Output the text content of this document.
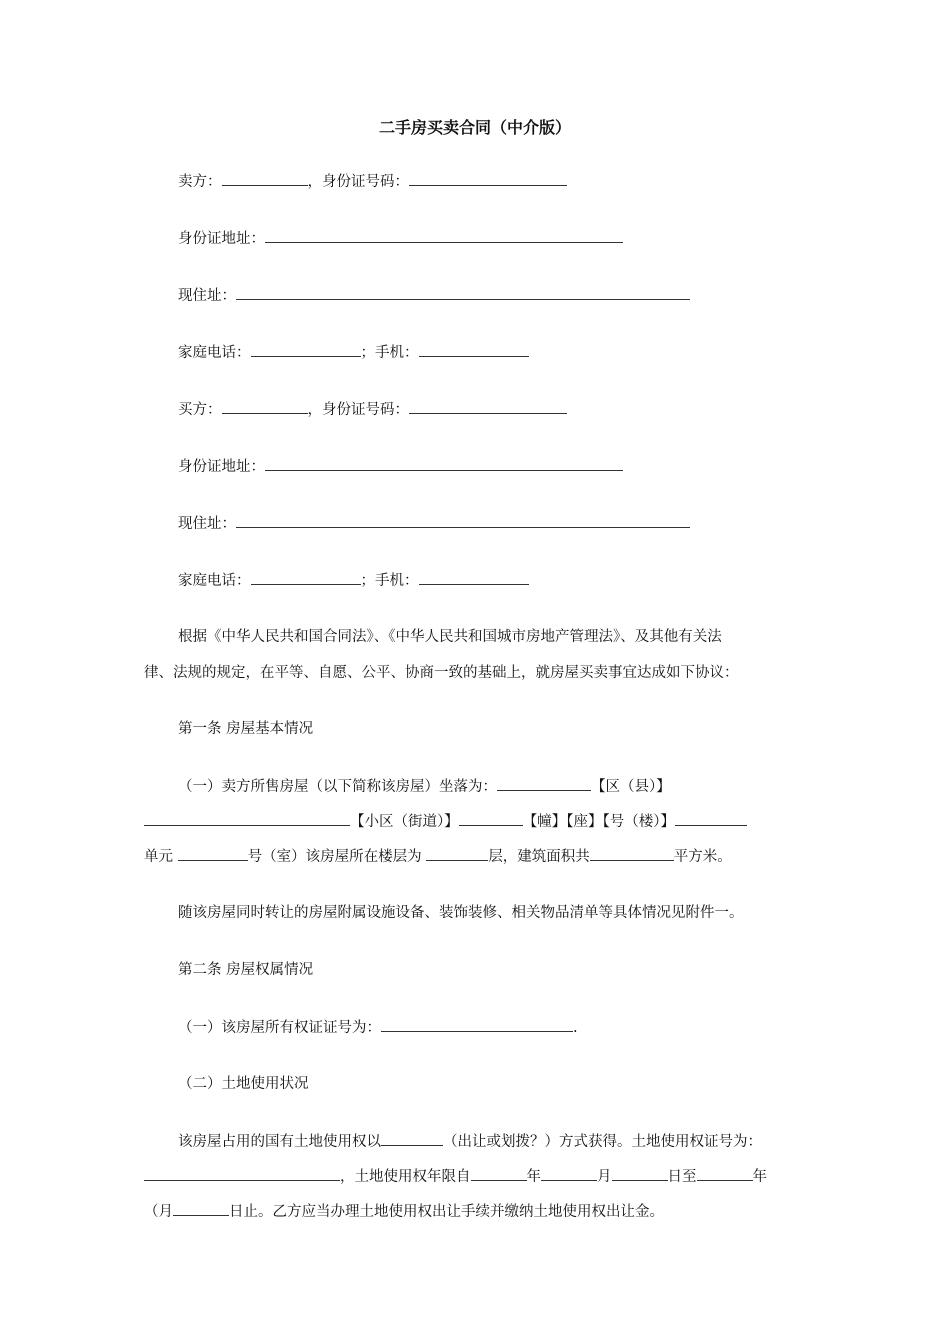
二手房买卖合同（中介版）
卖方：	，身份证号码：
身份证地址：
现住址：
家庭电话：	；手机：
买方：	，身份证号码：
身份证地址：
现住址：
家庭电话：	；手机：
根据《中华人民共和国合同法》、《中华人民共和国城市房地产管理法》、及其他有关法
律、法规的规定，在平等、自愿、公平、协商一致的基础上，就房屋买卖事宜达成如下协议：
第一条 房屋基本情况
（一）卖方所售房屋（以下简称该房屋）坐落为：	【区（县）】
【小区（街道）】	【幢】【座】【号（楼）】
单元	号（室）该房屋所在楼层为	层，建筑面积共	平方米。
随该房屋同时转让的房屋附属设施设备、装饰装修、相关物品清单等具体情况见附件一。
第二条 房屋权属情况
（一）该房屋所有权证证号为：	.
（二）土地使用状况
该房屋占用的国有土地使用权以	（出让或划拨？）方式获得。土地使用权证号为：
，土地使用权年限自	年	月	日至	年
（月	日止。乙方应当办理土地使用权出让手续并缴纳土地使用权出让金。
